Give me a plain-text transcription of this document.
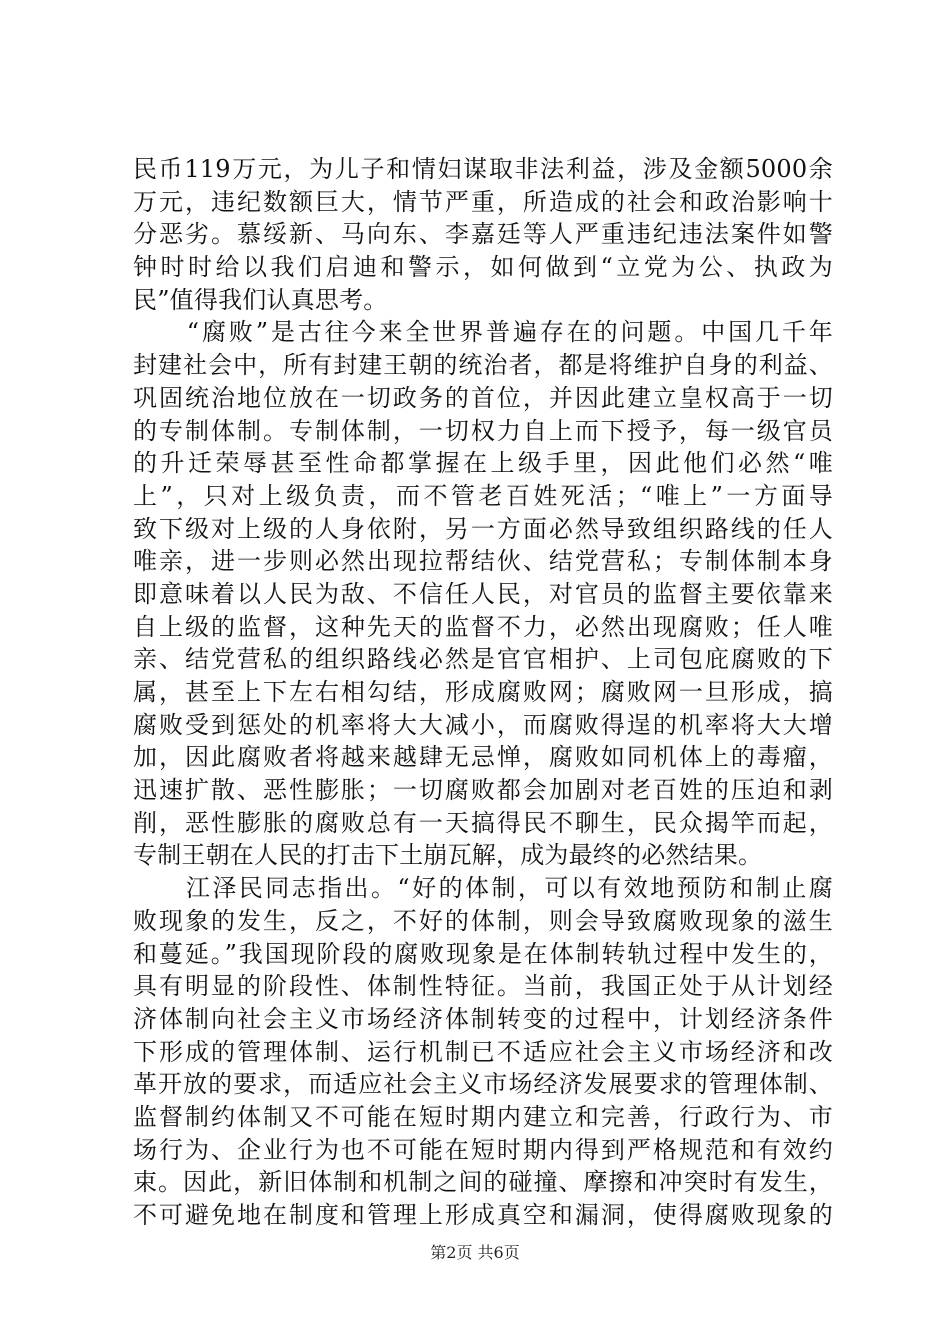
民币119万元，为儿子和情妇谋取非法利益，涉及金额5000余
万元，违纪数额巨大，情节严重，所造成的社会和政治影响十
分恶劣。慕绥新、马向东、李嘉廷等人严重违纪违法案件如警
钟时时给以我们启迪和警示，如何做到“立党为公、执政为
民”值得我们认真思考。
　　“腐败”是古往今来全世界普遍存在的问题。中国几千年
封建社会中，所有封建王朝的统治者，都是将维护自身的利益、
巩固统治地位放在一切政务的首位，并因此建立皇权高于一切
的专制体制。专制体制，一切权力自上而下授予，每一级官员
的升迁荣辱甚至性命都掌握在上级手里，因此他们必然“唯
上”，只对上级负责，而不管老百姓死活；“唯上”一方面导
致下级对上级的人身依附，另一方面必然导致组织路线的任人
唯亲，进一步则必然出现拉帮结伙、结党营私；专制体制本身
即意味着以人民为敌、不信任人民，对官员的监督主要依靠来
自上级的监督，这种先天的监督不力，必然出现腐败；任人唯
亲、结党营私的组织路线必然是官官相护、上司包庇腐败的下
属，甚至上下左右相勾结，形成腐败网；腐败网一旦形成，搞
腐败受到惩处的机率将大大减小，而腐败得逞的机率将大大增
加，因此腐败者将越来越肆无忌惮，腐败如同机体上的毒瘤，
迅速扩散、恶性膨胀；一切腐败都会加剧对老百姓的压迫和剥
削，恶性膨胀的腐败总有一天搞得民不聊生，民众揭竿而起，
专制王朝在人民的打击下土崩瓦解，成为最终的必然结果。
　　江泽民同志指出。“好的体制，可以有效地预防和制止腐
败现象的发生，反之，不好的体制，则会导致腐败现象的滋生
和蔓延。”我国现阶段的腐败现象是在体制转轨过程中发生的，
具有明显的阶段性、体制性特征。当前，我国正处于从计划经
济体制向社会主义市场经济体制转变的过程中，计划经济条件
下形成的管理体制、运行机制已不适应社会主义市场经济和改
革开放的要求，而适应社会主义市场经济发展要求的管理体制、
监督制约体制又不可能在短时期内建立和完善，行政行为、市
场行为、企业行为也不可能在短时期内得到严格规范和有效约
束。因此，新旧体制和机制之间的碰撞、摩擦和冲突时有发生，
不可避免地在制度和管理上形成真空和漏洞，使得腐败现象的
第2页 共6页
